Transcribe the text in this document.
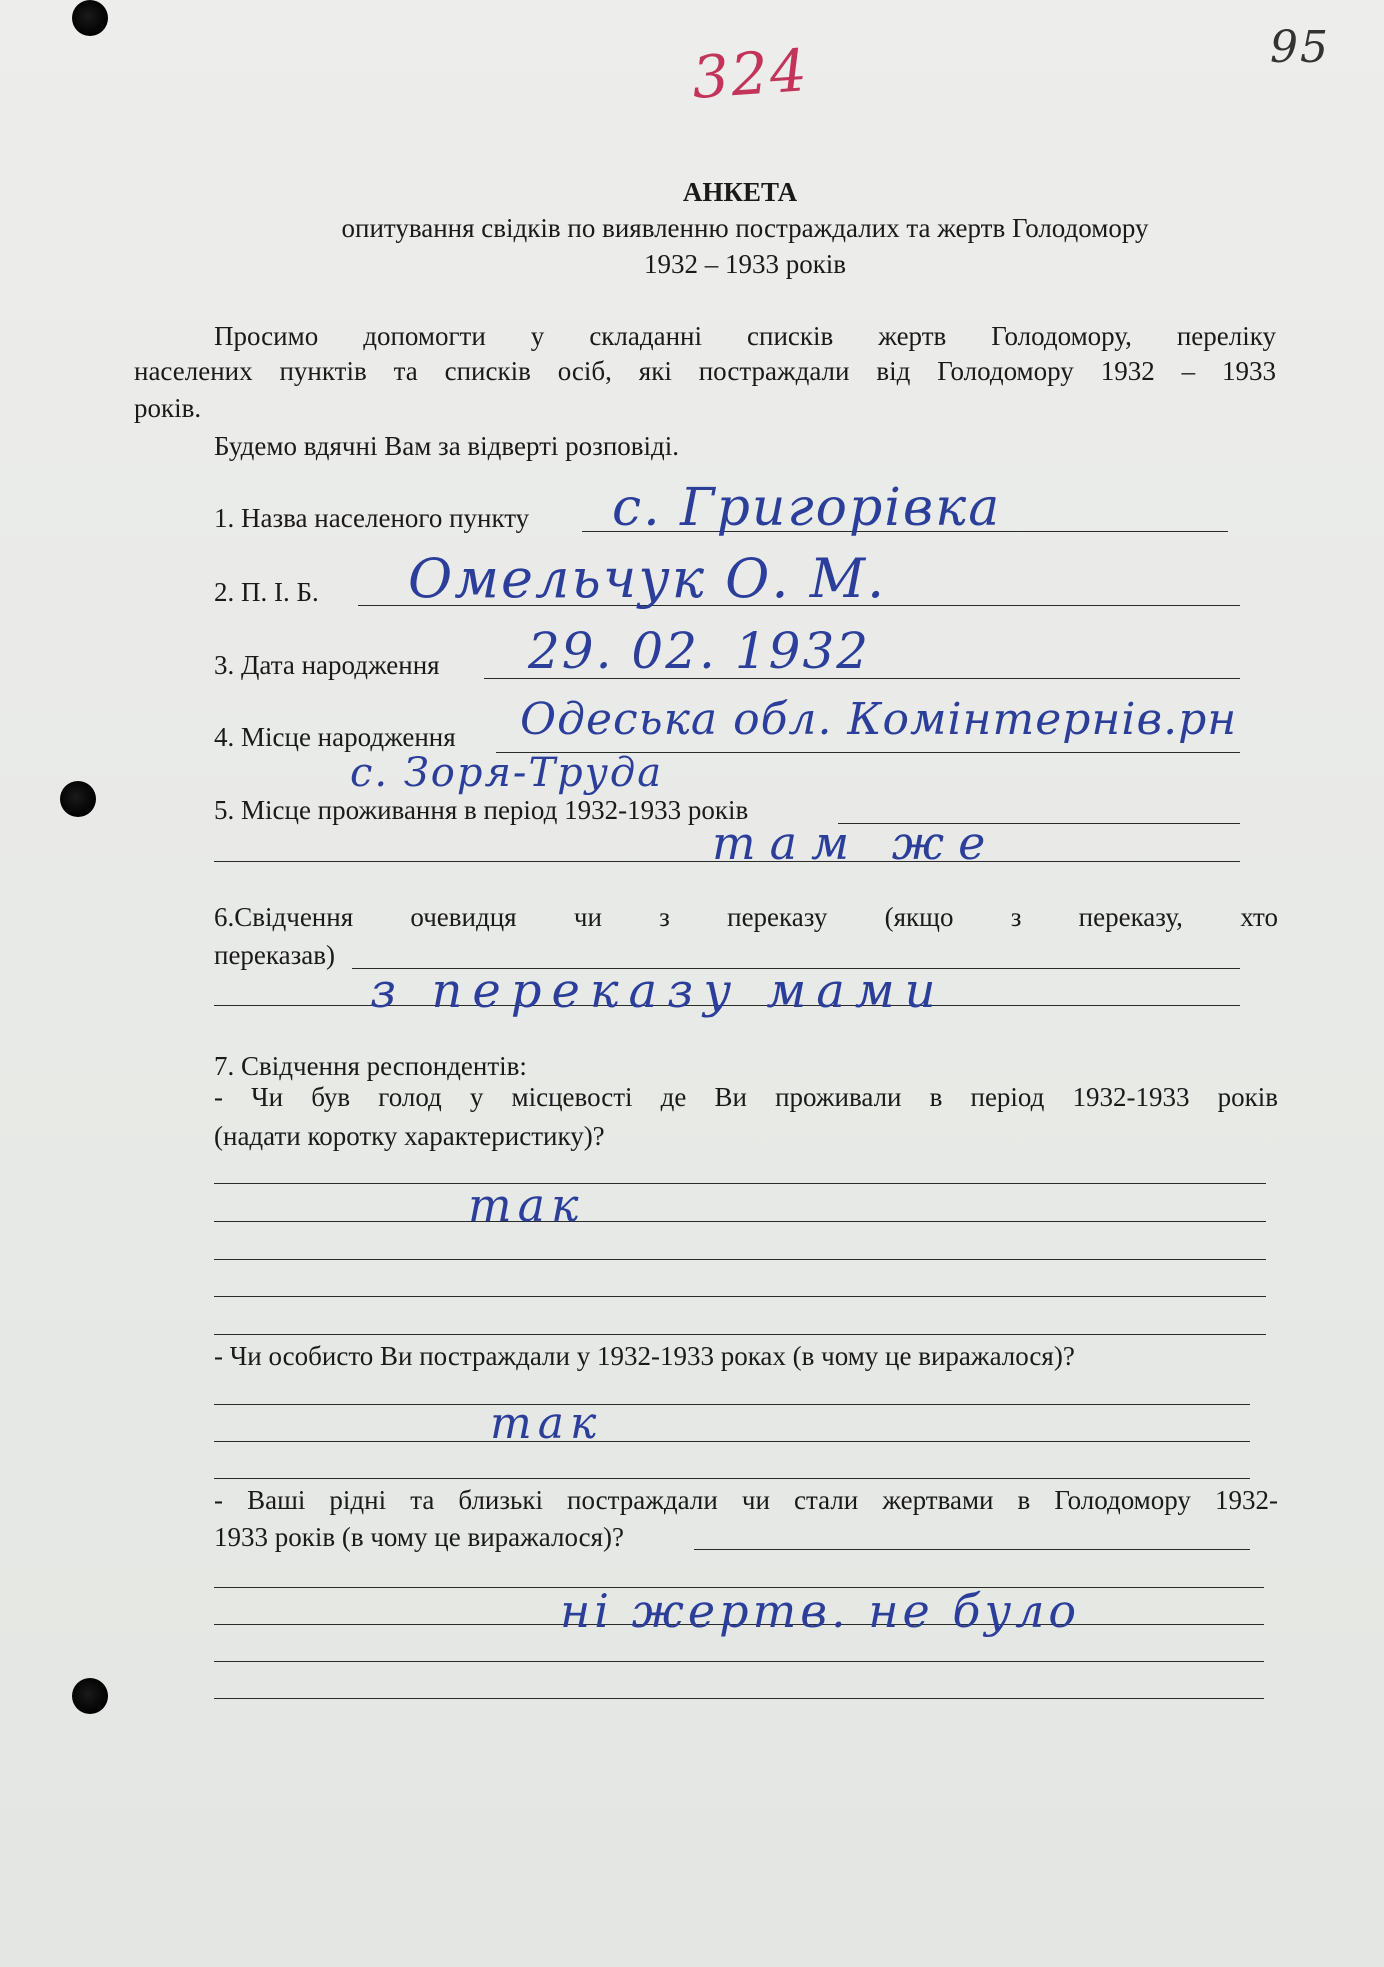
324	95
АНКЕТА
опитування свідків по виявленню постраждалих та жертв Голодомору
1932 – 1933 років
Просимо допомогти у складанні списків жертв Голодомору, переліку
населених пунктів та списків осіб, які постраждали від Голодомору 1932 – 1933
років.
Будемо вдячні Вам за відверті розповіді.
1. Назва населеного пункту с. Григорівка
2. П. І. Б. Омельчук О. М.
3. Дата народження 29. 02. 1932
4. Місце народження Одеська обл. Комінтернів.рн
с. Зоря-Труда
5. Місце проживання в період 1932-1933 років
там же
6.Свідчення очевидця чи з переказу (якщо з переказу, хто
переказав)
з переказу мами
7. Свідчення респондентів:
- Чи був голод у місцевості де Ви проживали в період 1932-1933 років
(надати коротку характеристику)?
так
- Чи особисто Ви постраждали у 1932-1933 роках (в чому це виражалося)?
так
- Ваші рідні та близькі постраждали чи стали жертвами в Голодомору 1932-
1933 років (в чому це виражалося)?
ні жертв. не було
